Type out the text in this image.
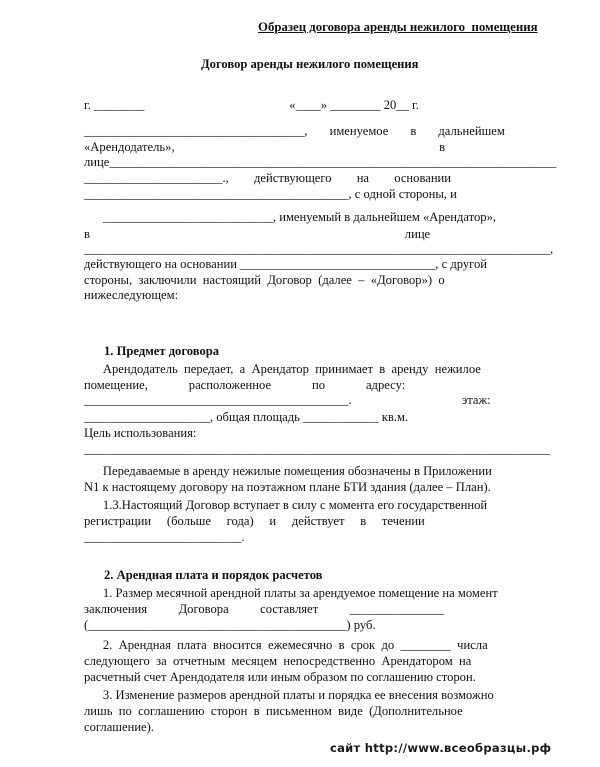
Образец договора аренды нежилого  помещения
Договор аренды нежилого помещения
г. ________                                              «____» ________ 20__ г.
___________________________________,       именуемое       в       дальнейшем
«Арендодатель»,                                                                                    в
лице_______________________________________________________________________
______________________.,        действующего        на        основании
__________________________________________, с одной стороны, и
___________________________, именуемый в дальнейшем «Арендатор»,
в                                                                                                    лице
__________________________________________________________________________,
действующего на основании _______________________________, с другой
стороны,  заключили  настоящий  Договор  (далее  –  «Договор»)  о
нижеследующем:
1. Предмет договора
Арендодатель  передает,  а  Арендатор  принимает  в  аренду  нежилое
помещение,             расположенное             по             адресу:
__________________________________________.                                   этаж:
____________________, общая площадь ____________ кв.м.
Цель использования:
__________________________________________________________________________
Передаваемые в аренду нежилые помещения обозначены в Приложении
N1 к настоящему договору на поэтажном плане БТИ здания (далее – План).
1.3.Настоящий Договор вступает в силу с момента его государственной
регистрации     (больше     года)     и     действует     в     течении
_________________________.
2. Арендная плата и порядок расчетов
1. Размер месячной арендной платы за арендуемое помещение на момент
заключения          Договора          составляет          _______________
(_________________________________________) руб.
2.  Арендная  плата  вносится  ежемесячно  в  срок  до  ________  числа
следующего  за  отчетным  месяцем  непосредственно  Арендатором  на
расчетный счет Арендодателя или иным образом по соглашению сторон.
3. Изменение размеров арендной платы и порядка ее внесения возможно
лишь  по  соглашению  сторон  в  письменном  виде  (Дополнительное
соглашение).
сайт http://www.всеобразцы.рф
